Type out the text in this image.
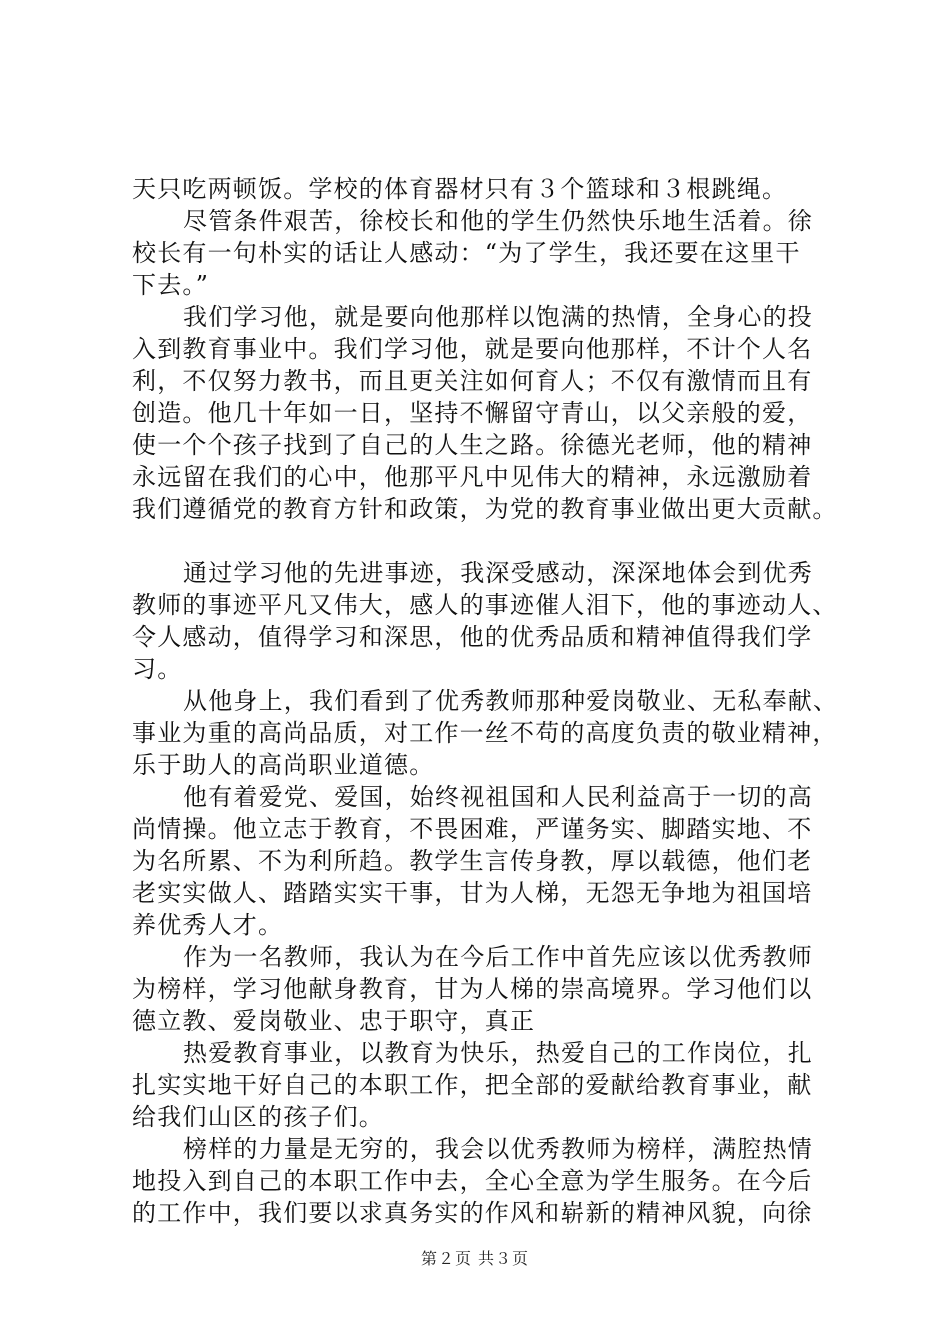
天只吃两顿饭。学校的体育器材只有３个篮球和３根跳绳。
尽管条件艰苦，徐校长和他的学生仍然快乐地生活着。徐
校长有一句朴实的话让人感动：“为了学生，我还要在这里干
下去。”
我们学习他，就是要向他那样以饱满的热情，全身心的投
入到教育事业中。我们学习他，就是要向他那样，不计个人名
利，不仅努力教书，而且更关注如何育人；不仅有激情而且有
创造。他几十年如一日，坚持不懈留守青山，以父亲般的爱，
使一个个孩子找到了自己的人生之路。徐德光老师，他的精神
永远留在我们的心中，他那平凡中见伟大的精神，永远激励着
我们遵循党的教育方针和政策，为党的教育事业做出更大贡献。
通过学习他的先进事迹，我深受感动，深深地体会到优秀
教师的事迹平凡又伟大，感人的事迹催人泪下，他的事迹动人、
令人感动，值得学习和深思，他的优秀品质和精神值得我们学
习。
从他身上，我们看到了优秀教师那种爱岗敬业、无私奉献、
事业为重的高尚品质，对工作一丝不苟的高度负责的敬业精神，
乐于助人的高尚职业道德。
他有着爱党、爱国，始终视祖国和人民利益高于一切的高
尚情操。他立志于教育，不畏困难，严谨务实、脚踏实地、不
为名所累、不为利所趋。教学生言传身教，厚以载德，他们老
老实实做人、踏踏实实干事，甘为人梯，无怨无争地为祖国培
养优秀人才。
作为一名教师，我认为在今后工作中首先应该以优秀教师
为榜样，学习他献身教育，甘为人梯的崇高境界。学习他们以
德立教、爱岗敬业、忠于职守，真正
热爱教育事业，以教育为快乐，热爱自己的工作岗位，扎
扎实实地干好自己的本职工作，把全部的爱献给教育事业，献
给我们山区的孩子们。
榜样的力量是无穷的，我会以优秀教师为榜样，满腔热情
地投入到自己的本职工作中去，全心全意为学生服务。在今后
的工作中，我们要以求真务实的作风和崭新的精神风貌，向徐
第２页 共３页
